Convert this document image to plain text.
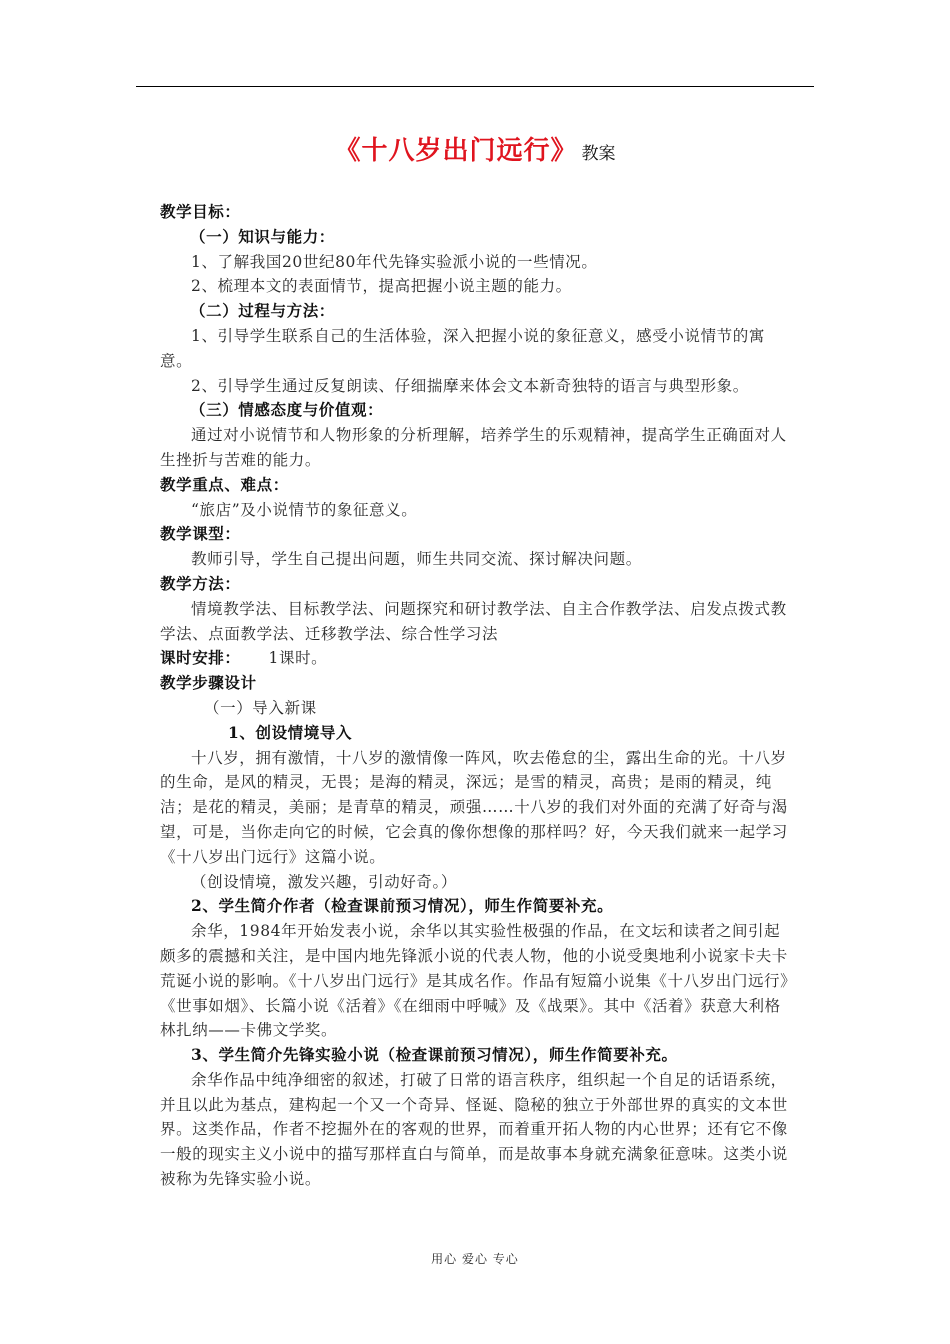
《十八岁出门远行》 教案

教学目标：

（一）知识与能力：

1、了解我国20世纪80年代先锋实验派小说的一些情况。

2、梳理本文的表面情节，提高把握小说主题的能力。

（二）过程与方法：

1、引导学生联系自己的生活体验，深入把握小说的象征意义，感受小说情节的寓意。

2、引导学生通过反复朗读、仔细揣摩来体会文本新奇独特的语言与典型形象。

（三）情感态度与价值观：

通过对小说情节和人物形象的分析理解，培养学生的乐观精神，提高学生正确面对人生挫折与苦难的能力。

教学重点、难点：

“旅店”及小说情节的象征意义。

教学课型：

教师引导，学生自己提出问题，师生共同交流、探讨解决问题。

教学方法：

情境教学法、目标教学法、问题探究和研讨教学法、自主合作教学法、启发点拨式教学法、点面教学法、迁移教学法、综合性学习法

课时安排： 1课时。

教学步骤设计

（一）导入新课

1、创设情境导入

十八岁，拥有激情，十八岁的激情像一阵风，吹去倦怠的尘，露出生命的光。十八岁的生命，是风的精灵，无畏；是海的精灵，深远；是雪的精灵，高贵；是雨的精灵，纯洁；是花的精灵，美丽；是青草的精灵，顽强……十八岁的我们对外面的充满了好奇与渴望，可是，当你走向它的时候，它会真的像你想像的那样吗？好，今天我们就来一起学习《十八岁出门远行》这篇小说。

（创设情境，激发兴趣，引动好奇。）

2、学生简介作者（检查课前预习情况），师生作简要补充。

余华，1984年开始发表小说，余华以其实验性极强的作品，在文坛和读者之间引起颇多的震撼和关注，是中国内地先锋派小说的代表人物，他的小说受奥地利小说家卡夫卡荒诞小说的影响。《十八岁出门远行》是其成名作。作品有短篇小说集《十八岁出门远行》《世事如烟》、长篇小说《活着》《在细雨中呼喊》及《战栗》。其中《活着》获意大利格林扎纳——卡佛文学奖。

3、学生简介先锋实验小说（检查课前预习情况），师生作简要补充。

余华作品中纯净细密的叙述，打破了日常的语言秩序，组织起一个自足的话语系统，并且以此为基点，建构起一个又一个奇异、怪诞、隐秘的独立于外部世界的真实的文本世界。这类作品，作者不挖掘外在的客观的世界，而着重开拓人物的内心世界；还有它不像一般的现实主义小说中的描写那样直白与简单，而是故事本身就充满象征意味。这类小说被称为先锋实验小说。

用心 爱心 专心
